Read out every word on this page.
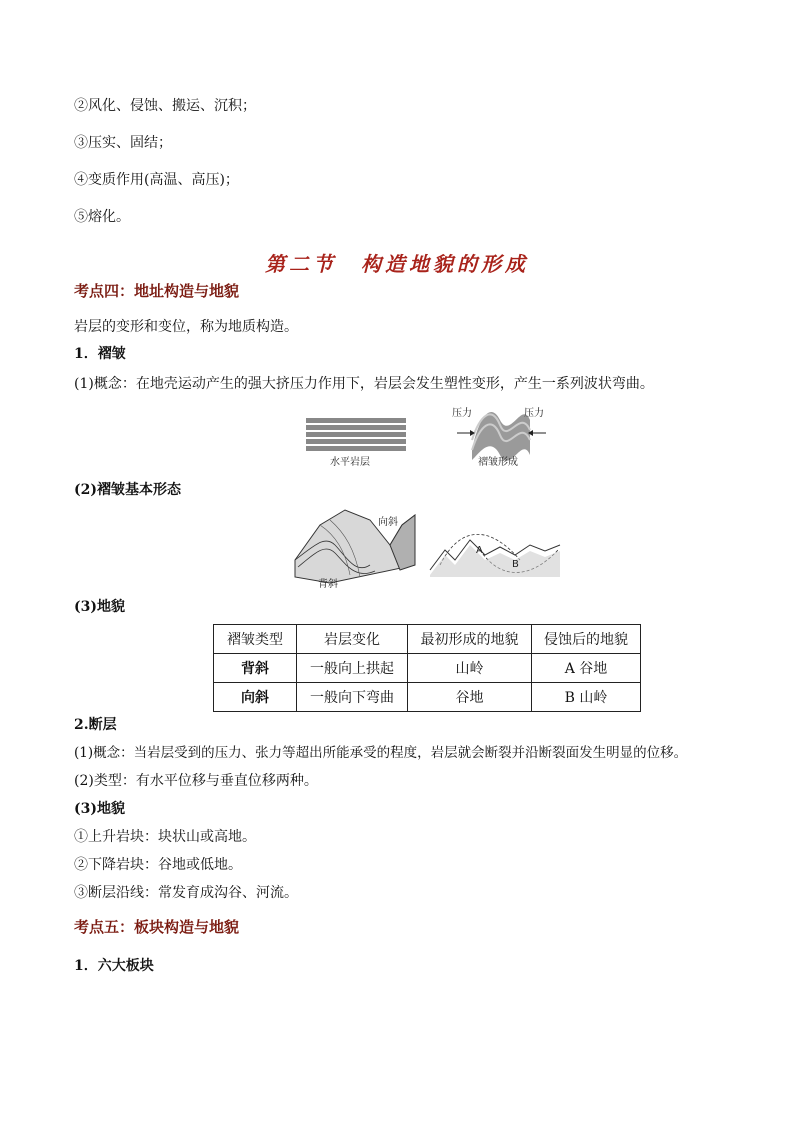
②风化、侵蚀、搬运、沉积；
③压实、固结；
④变质作用(高温、高压)；
⑤熔化。
第二节　构造地貌的形成
考点四：地址构造与地貌
岩层的变形和变位，称为地质构造。
1．褶皱
(1)概念：在地壳运动产生的强大挤压力作用下，岩层会发生塑性变形，产生一系列波状弯曲。
水平岩层
压力	压力
褶皱形成
(2)褶皱基本形态
向斜
背斜
A
B
(3)地貌
褶皱类型	岩层变化	最初形成的地貌	侵蚀后的地貌
背斜	一般向上拱起	山岭	A 谷地
向斜	一般向下弯曲	谷地	B 山岭
2.断层
(1)概念：当岩层受到的压力、张力等超出所能承受的程度，岩层就会断裂并沿断裂面发生明显的位移。
(2)类型：有水平位移与垂直位移两种。
(3)地貌
①上升岩块：块状山或高地。
②下降岩块：谷地或低地。
③断层沿线：常发育成沟谷、河流。
考点五：板块构造与地貌
1．六大板块
